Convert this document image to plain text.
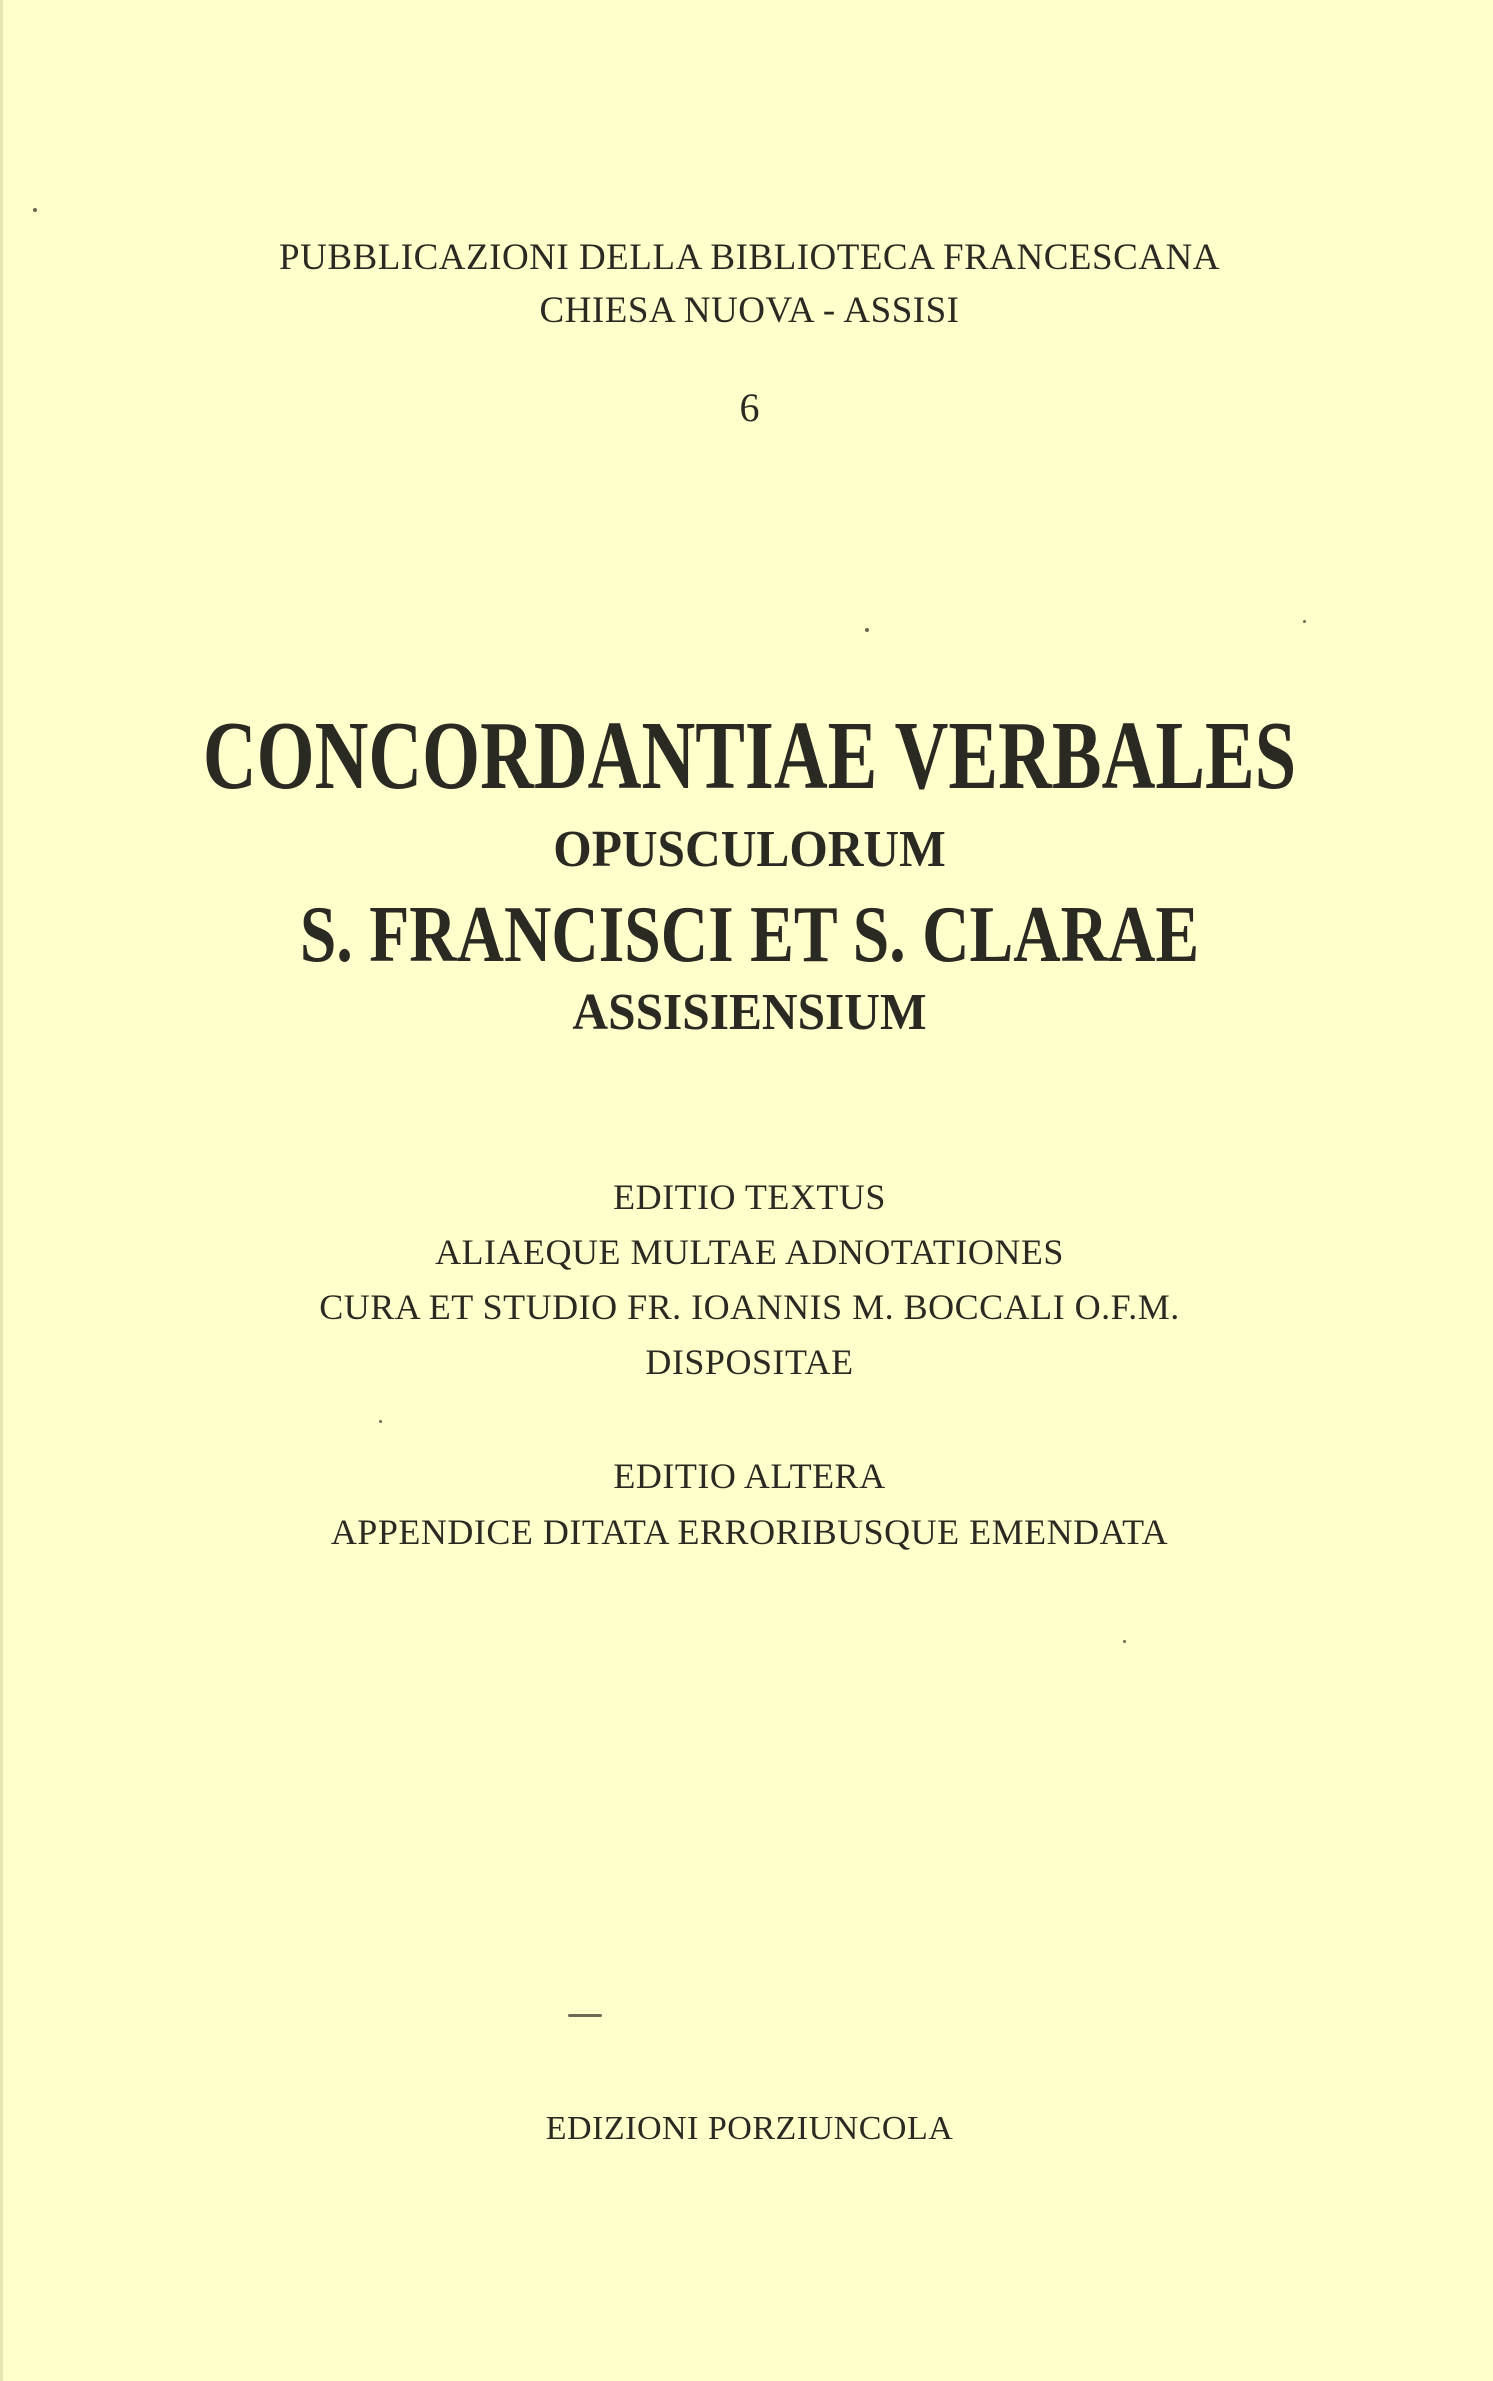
PUBBLICAZIONI DELLA BIBLIOTECA FRANCESCANA
CHIESA NUOVA - ASSISI
6
CONCORDANTIAE VERBALES
OPUSCULORUM
S. FRANCISCI ET S. CLARAE
ASSISIENSIUM
EDITIO TEXTUS
ALIAEQUE MULTAE ADNOTATIONES
CURA ET STUDIO FR. IOANNIS M. BOCCALI O.F.M.
DISPOSITAE
EDITIO ALTERA
APPENDICE DITATA ERRORIBUSQUE EMENDATA
EDIZIONI PORZIUNCOLA
